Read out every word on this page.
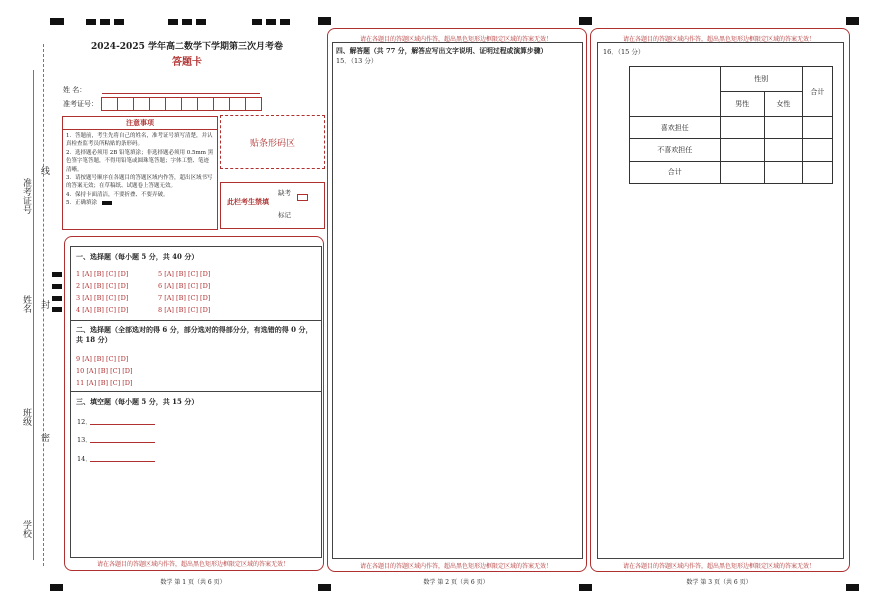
准考证号
线
姓名 封
班级
密
学校
2024-2025 学年高二数学下学期第三次月考卷
答题卡
姓 名：
准考证号：
注意事项
1．答题前，考生先将自己的姓名，准考证号填写清楚，并认真检查监考员所粘贴的条形码。
2．选择题必须用 2B 铅笔填涂；非选择题必须用 0.5mm 黑色签字笔答题，不得用铅笔或圆珠笔答题；字体工整、笔迹清晰。
3．请按题号顺序在各题目的答题区域内作答，超出区域书写的答案无效；在草稿纸、试题卷上答题无效。
4．保持卡面清洁，不要折叠、不要弄破。
5．正确填涂
贴条形码区
此栏考生禁填
缺考
标记
一、选择题（每小题 5 分，共 40 分）
1 [A] [B] [C] [D]
2 [A] [B] [C] [D]
3 [A] [B] [C] [D]
4 [A] [B] [C] [D]
5 [A] [B] [C] [D]
6 [A] [B] [C] [D]
7 [A] [B] [C] [D]
8 [A] [B] [C] [D]
二、选择题（全部选对的得 6 分，部分选对的得部分分，有选错的得 0 分，共 18 分）
9 [A] [B] [C] [D]
10 [A] [B] [C] [D]
11 [A] [B] [C] [D]
三、填空题（每小题 5 分，共 15 分）
12．
13．
14．
请在各题目的答题区域内作答，超出黑色矩形边框限定区域的答案无效！
请在各题目的答题区域内作答，超出黑色矩形边框限定区域的答案无效！
四、解答题（共 77 分，解答应写出文字说明、证明过程或演算步骤）
15．（13 分）
请在各题目的答题区域内作答，超出黑色矩形边框限定区域的答案无效！
请在各题目的答题区域内作答，超出黑色矩形边框限定区域的答案无效！
16．（15 分）
	性别		合计
	男性	女性	
喜欢担任			
不喜欢担任			
合计			
请在各题目的答题区域内作答，超出黑色矩形边框限定区域的答案无效！
数学 第 1 页（共 6 页）	数学 第 2 页（共 6 页）	数学 第 3 页（共 6 页）
